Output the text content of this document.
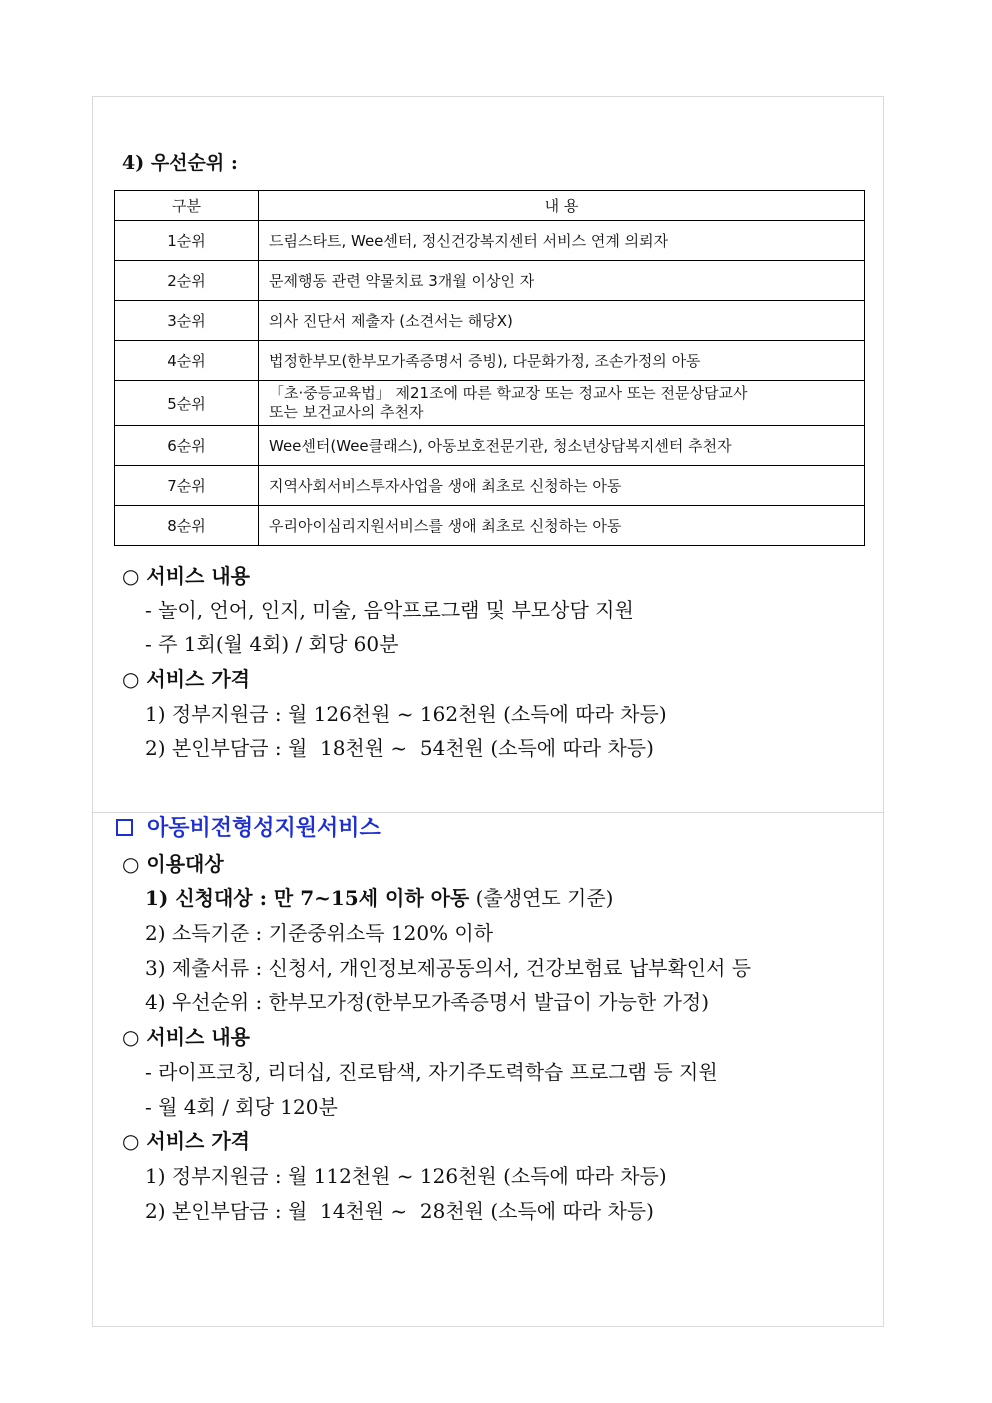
4) 우선순위 :
구분	내 용
1순위	드림스타트, Wee센터, 정신건강복지센터 서비스 연계 의뢰자
2순위	문제행동 관련 약물치료 3개월 이상인 자
3순위	의사 진단서 제출자 (소견서는 해당X)
4순위	법정한부모(한부모가족증명서 증빙), 다문화가정, 조손가정의 아동
5순위	「초·중등교육법」 제21조에 따른 학교장 또는 정교사 또는 전문상담교사
또는 보건교사의 추천자

6순위	Wee센터(Wee클래스), 아동보호전문기관, 청소년상담복지센터 추천자
7순위	지역사회서비스투자사업을 생애 최초로 신청하는 아동
8순위	우리아이심리지원서비스를 생애 최초로 신청하는 아동
○ 서비스 내용
- 놀이, 언어, 인지, 미술, 음악프로그램 및 부모상담 지원
- 주 1회(월 4회) / 회당 60분
○ 서비스 가격
1) 정부지원금 : 월 126천원 ~ 162천원 (소득에 따라 차등)
2) 본인부담금 : 월  18천원 ~  54천원 (소득에 따라 차등)
아동비전형성지원서비스
○ 이용대상
1) 신청대상 : 만 7~15세 이하 아동 (출생연도 기준)
2) 소득기준 : 기준중위소득 120% 이하
3) 제출서류 : 신청서, 개인정보제공동의서, 건강보험료 납부확인서 등
4) 우선순위 : 한부모가정(한부모가족증명서 발급이 가능한 가정)
○ 서비스 내용
- 라이프코칭, 리더십, 진로탐색, 자기주도력학습 프로그램 등 지원
- 월 4회 / 회당 120분
○ 서비스 가격
1) 정부지원금 : 월 112천원 ~ 126천원 (소득에 따라 차등)
2) 본인부담금 : 월  14천원 ~  28천원 (소득에 따라 차등)
